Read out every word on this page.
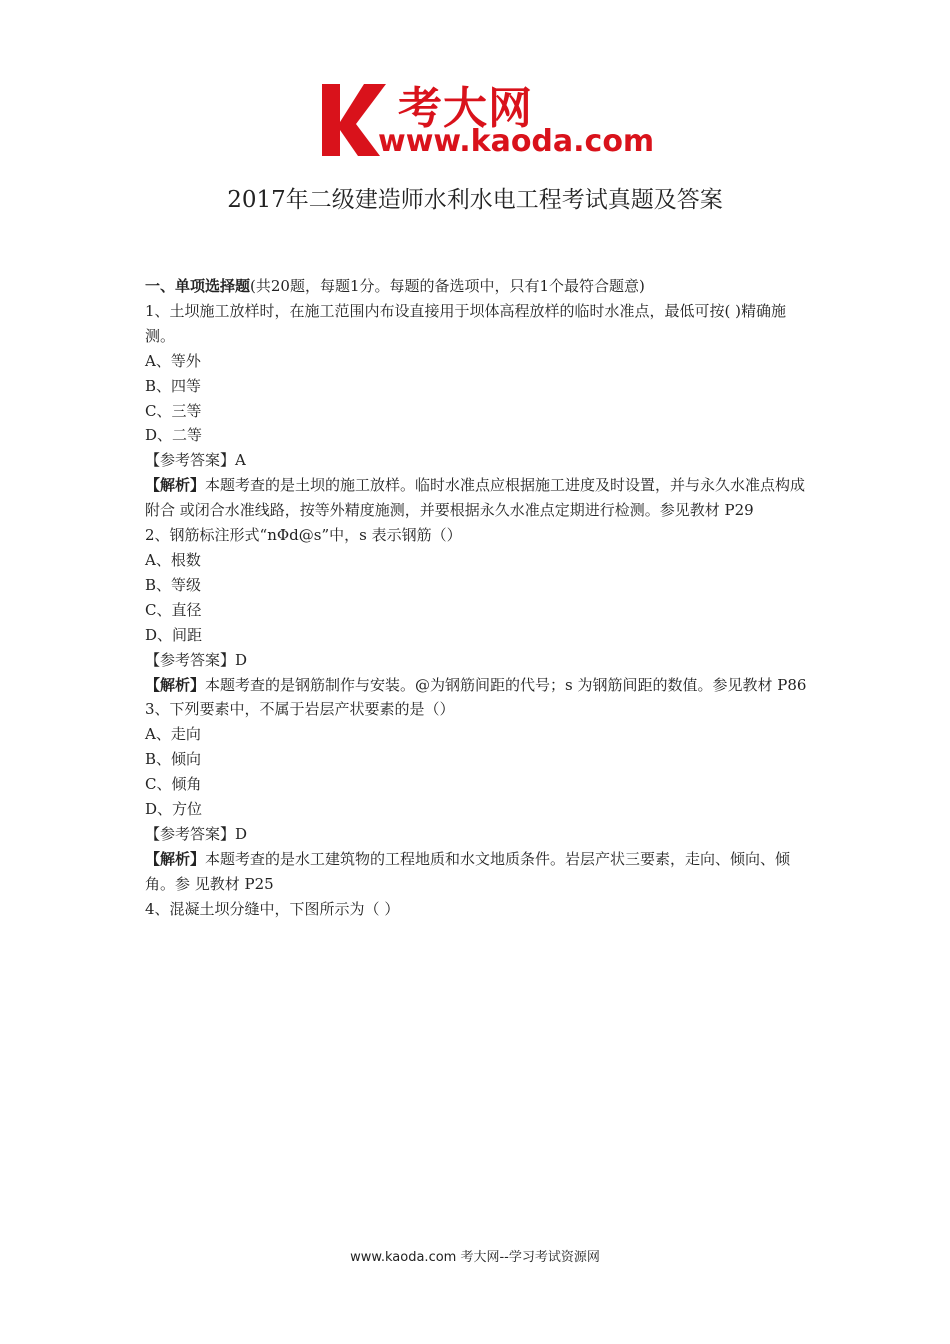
考大网
www.kaoda.com
2017年二级建造师水利水电工程考试真题及答案

一、单项选择题(共20题，每题1分。每题的备选项中，只有1个最符合题意)

1、土坝施工放样时，在施工范围内布设直接用于坝体高程放样的临时水准点，最低可按( )精确施测。

A、等外

B、四等

C、三等

D、二等

【参考答案】A

【解析】本题考查的是土坝的施工放样。临时水准点应根据施工进度及时设置，并与永久水准点构成附合 或闭合水准线路，按等外精度施测，并要根据永久水准点定期进行检测。参见教材 P29

2、钢筋标注形式“nΦd@s”中，s 表示钢筋（）

A、根数

B、等级

C、直径

D、间距

【参考答案】D

【解析】本题考查的是钢筋制作与安装。@为钢筋间距的代号；s 为钢筋间距的数值。参见教材 P86

3、下列要素中，不属于岩层产状要素的是（）

A、走向

B、倾向

C、倾角

D、方位

【参考答案】D

【解析】本题考查的是水工建筑物的工程地质和水文地质条件。岩层产状三要素，走向、倾向、倾角。参 见教材 P25

4、混凝土坝分缝中，下图所示为（ ）

www.kaoda.com 考大网--学习考试资源网
